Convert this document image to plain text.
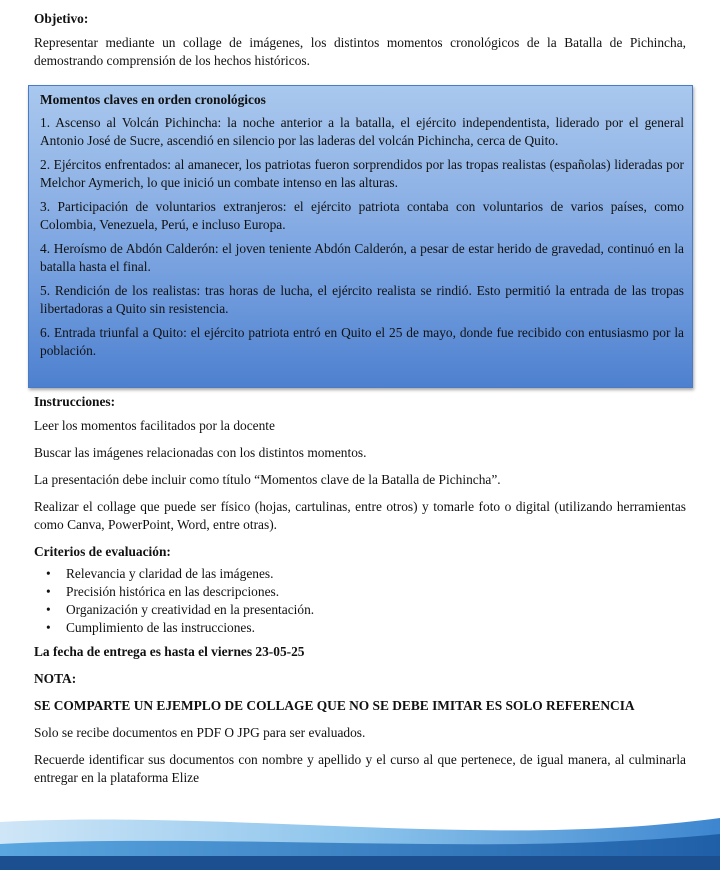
Objetivo:

Representar mediante un collage de imágenes, los distintos momentos cronológicos de la Batalla de Pichincha, demostrando comprensión de los hechos históricos.

Momentos claves en orden cronológicos

1. Ascenso al Volcán Pichincha: la noche anterior a la batalla, el ejército independentista, liderado por el general Antonio José de Sucre, ascendió en silencio por las laderas del volcán Pichincha, cerca de Quito.

2. Ejércitos enfrentados: al amanecer, los patriotas fueron sorprendidos por las tropas realistas (españolas) lideradas por Melchor Aymerich, lo que inició un combate intenso en las alturas.

3. Participación de voluntarios extranjeros: el ejército patriota contaba con voluntarios de varios países, como Colombia, Venezuela, Perú, e incluso Europa.

4. Heroísmo de Abdón Calderón: el joven teniente Abdón Calderón, a pesar de estar herido de gravedad, continuó en la batalla hasta el final.

5. Rendición de los realistas: tras horas de lucha, el ejército realista se rindió. Esto permitió la entrada de las tropas libertadoras a Quito sin resistencia.

6. Entrada triunfal a Quito: el ejército patriota entró en Quito el 25 de mayo, donde fue recibido con entusiasmo por la población.

Instrucciones:

Leer los momentos facilitados por la docente

Buscar las imágenes relacionadas con los distintos momentos.

La presentación debe incluir como título “Momentos clave de la Batalla de Pichincha”.

Realizar el collage que puede ser físico (hojas, cartulinas, entre otros) y tomarle foto o digital (utilizando herramientas como Canva, PowerPoint, Word, entre otras).

Criterios de evaluación:

• Relevancia y claridad de las imágenes.
• Precisión histórica en las descripciones.
• Organización y creatividad en la presentación.
• Cumplimiento de las instrucciones.

La fecha de entrega es hasta el viernes 23-05-25

NOTA:

SE COMPARTE UN EJEMPLO DE COLLAGE QUE NO SE DEBE IMITAR ES SOLO REFERENCIA

Solo se recibe documentos en PDF O JPG para ser evaluados.

Recuerde identificar sus documentos con nombre y apellido y el curso al que pertenece, de igual manera, al culminarla entregar en la plataforma Elize
